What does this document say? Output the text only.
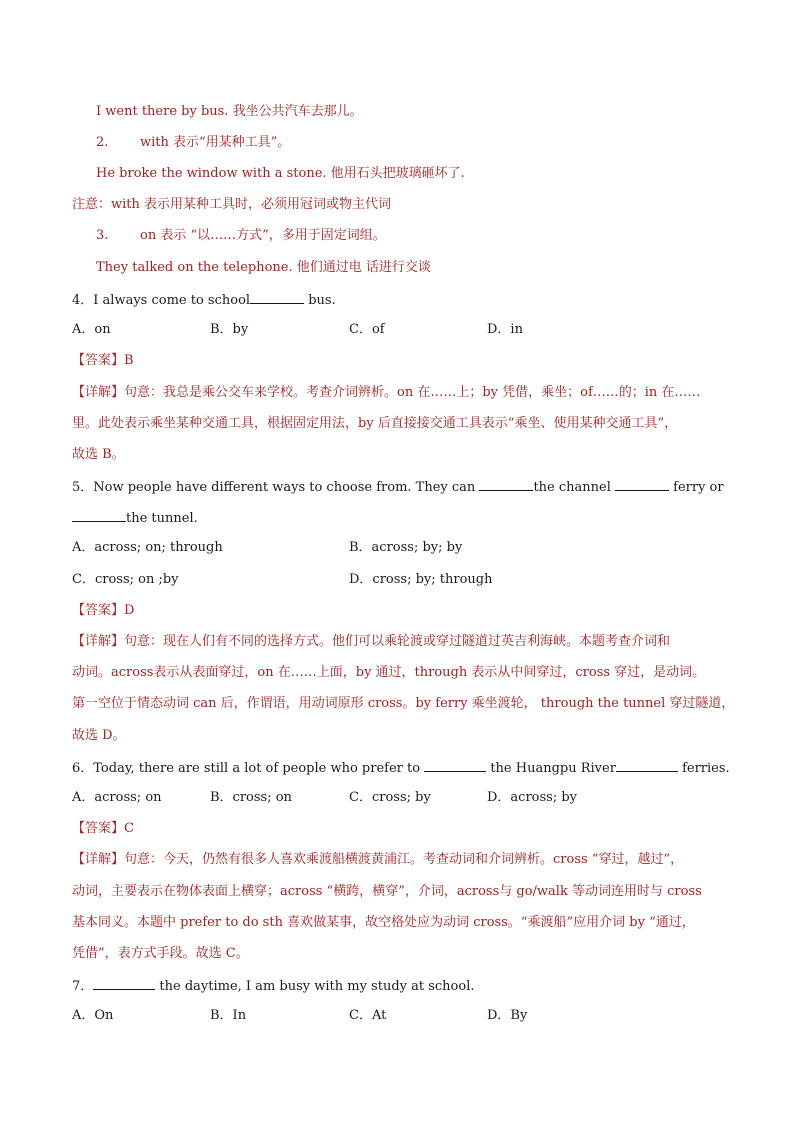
I went there by bus. 我坐公共汽车去那儿。
2. with 表示“用某种工具”。
He broke the window with a stone. 他用石头把玻璃砸坏了.
注意：with 表示用某种工具时，必须用冠词或物主代词
3. on 表示 “以……方式”，多用于固定词组。
They talked on the telephone. 他们通过电 话进行交谈
4．I always come to school	bus.
A．on	B．by	C．of	D．in
【答案】B
【详解】句意：我总是乘公交车来学校。考查介词辨析。on 在……上；by 凭借，乘坐；of……的；in 在……
里。此处表示乘坐某种交通工具，根据固定用法，by 后直接接交通工具表示“乘坐、使用某种交通工具”，
故选 B。
5．Now people have different ways to choose from. They can	the channel	ferry or
the tunnel.
A．across; on; through	B．across; by; by
C．cross; on ;by	D．cross; by; through
【答案】D
【详解】句意：现在人们有不同的选择方式。他们可以乘轮渡或穿过隧道过英吉利海峡。本题考查介词和
动词。across表示从表面穿过，on 在……上面，by 通过，through 表示从中间穿过，cross 穿过，是动词。
第一空位于情态动词 can 后，作谓语，用动词原形 cross。by ferry 乘坐渡轮， through the tunnel 穿过隧道，
故选 D。
6．Today, there are still a lot of people who prefer to	the Huangpu River	ferries.
A．across; on	B．cross; on	C．cross; by	D．across; by
【答案】C
【详解】句意：今天，仍然有很多人喜欢乘渡船横渡黄浦江。考查动词和介词辨析。cross “穿过，越过”，
动词，主要表示在物体表面上横穿；across “横跨，横穿”，介词，across与 go/walk 等动词连用时与 cross
基本同义。本题中 prefer to do sth 喜欢做某事，故空格处应为动词 cross。“乘渡船”应用介词 by “通过，
凭借”，表方式手段。故选 C。
7．	the daytime, I am busy with my study at school.
A．On	B．In	C．At	D．By
